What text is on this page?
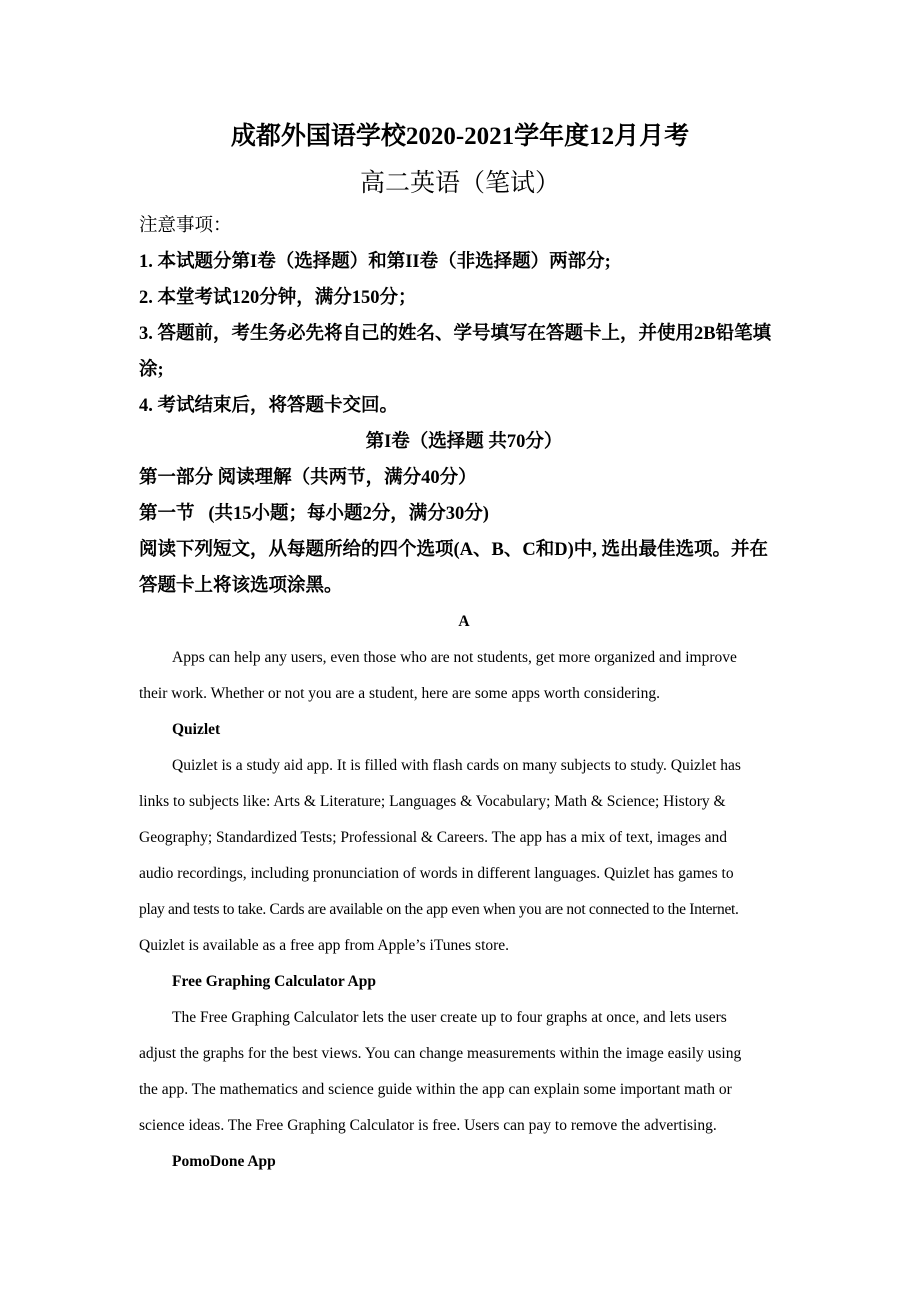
成都外国语学校2020-2021学年度12月月考
高二英语（笔试）
注意事项：
1. 本试题分第I卷（选择题）和第II卷（非选择题）两部分;
2. 本堂考试120分钟，满分150分；
3. 答题前，考生务必先将自己的姓名、学号填写在答题卡上，并使用2B铅笔填
涂;
4. 考试结束后，将答题卡交回。
第I卷（选择题 共70分）
第一部分 阅读理解（共两节，满分40分）
第一节   (共15小题；每小题2分，满分30分)
阅读下列短文，从每题所给的四个选项(A、B、C和D)中, 选出最佳选项。并在
答题卡上将该选项涂黑。
A
Apps can help any users, even those who are not students, get more organized and improve
their work. Whether or not you are a student, here are some apps worth considering.
Quizlet
Quizlet is a study aid app. It is filled with flash cards on many subjects to study. Quizlet has
links to subjects like: Arts & Literature; Languages & Vocabulary; Math & Science; History &
Geography; Standardized Tests; Professional & Careers. The app has a mix of text, images and
audio recordings, including pronunciation of words in different languages. Quizlet has games to
play and tests to take. Cards are available on the app even when you are not connected to the Internet.
Quizlet is available as a free app from Apple’s iTunes store.
Free Graphing Calculator App
The Free Graphing Calculator lets the user create up to four graphs at once, and lets users
adjust the graphs for the best views. You can change measurements within the image easily using
the app. The mathematics and science guide within the app can explain some important math or
science ideas. The Free Graphing Calculator is free. Users can pay to remove the advertising.
PomoDone App
